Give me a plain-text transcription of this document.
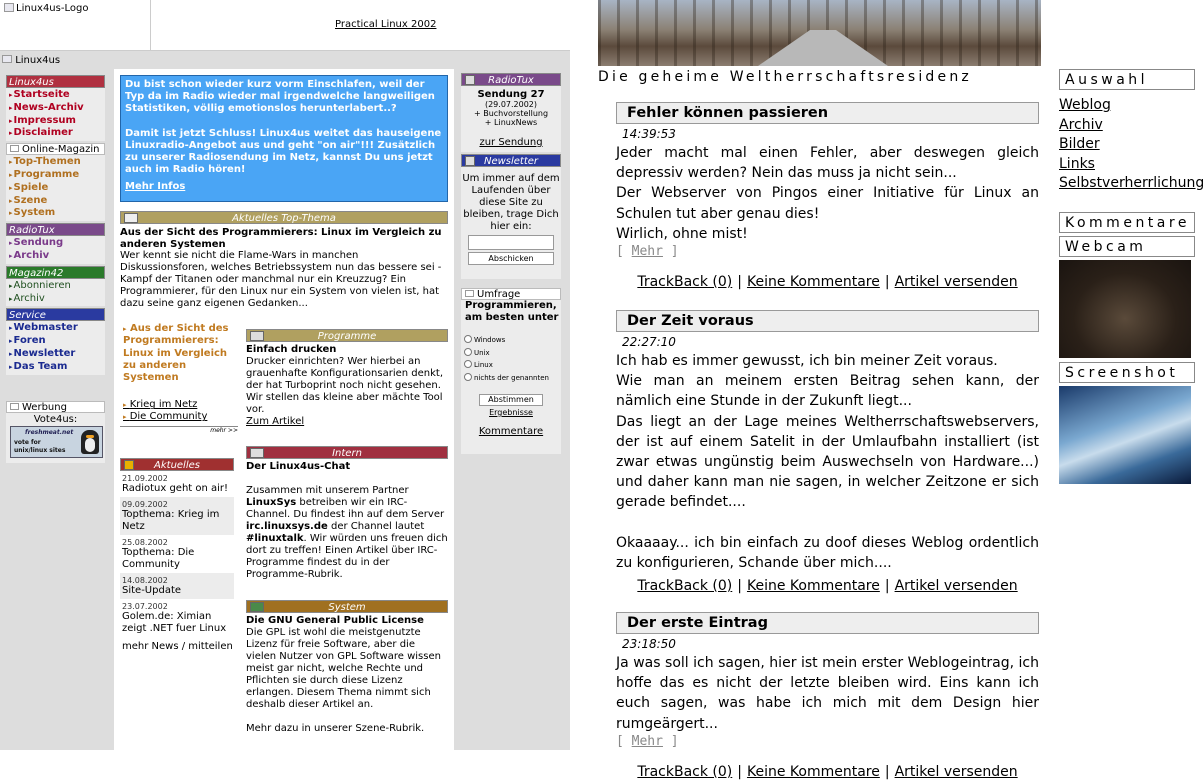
Linux4us-Logo
Practical Linux 2002
Linux4us
Linux4us
▸ Startseite
▸ News-Archiv
▸ Impressum
▸ Disclaimer
Online-Magazin
▸ Top-Themen
▸ Programme
▸ Spiele
▸ Szene
▸ System
RadioTux
▸ Sendung
▸ Archiv
Magazin42
▸ Abonnieren
▸ Archiv
Service
▸ Webmaster
▸ Foren
▸ Newsletter
▸ Das Team
Werbung
Vote4us:
freshmeat.net
vote for
unix/linux sites
Du bist schon wieder kurz vorm Einschlafen, weil der Typ da im Radio wieder mal irgendwelche langweiligen Statistiken, völlig emotionslos herunterlabert..?
Damit ist jetzt Schluss! Linux4us weitet das hauseigene Linuxradio-Angebot aus und geht "on air"!!! Zusätzlich zu unserer Radiosendung im Netz, kannst Du uns jetzt auch im Radio hören!
Mehr Infos
Aktuelles Top-Thema
Aus der Sicht des Programmierers: Linux im Vergleich zu anderen Systemen
Wer kennt sie nicht die Flame-Wars in manchen Diskussionsforen, welches Betriebssystem nun das bessere sei - Kampf der Titanen oder manchmal nur ein Kreuzzug? Ein Programmierer, für den Linux nur ein System von vielen ist, hat dazu seine ganz eigenen Gedanken...
▸ Aus der Sicht des Programmierers: Linux im Vergleich zu anderen Systemen
▸ Krieg im Netz
▸ Die Community
mehr >>
Aktuelles
21.09.2002
Radiotux geht on air!
09.09.2002
Topthema: Krieg im Netz
25.08.2002
Topthema: Die Community
14.08.2002
Site-Update
23.07.2002
Golem.de: Ximian zeigt .NET fuer Linux
mehr News / mitteilen
Programme
Einfach drucken
Drucker einrichten? Wer hierbei an grauenhafte Konfigurationsarien denkt, der hat Turboprint noch nicht gesehen. Wir stellen das kleine aber mächte Tool vor.
Zum Artikel
Intern
Der Linux4us-Chat
Zusammen mit unserem Partner LinuxSys betreiben wir ein IRC-Channel. Du findest ihn auf dem Server irc.linuxsys.de der Channel lautet #linuxtalk. Wir würden uns freuen dich dort zu treffen! Einen Artikel über IRC-Programme findest du in der Programme-Rubrik.
System
Die GNU General Public License
Die GPL ist wohl die meistgenutzte Lizenz für freie Software, aber die vielen Nutzer von GPL Software wissen meist gar nicht, welche Rechte und Pflichten sie durch diese Lizenz erlangen. Diesem Thema nimmt sich deshalb dieser Artikel an.
Mehr dazu in unserer Szene-Rubrik.
RadioTux
Sendung 27
(29.07.2002)
+ Buchvorstellung
+ LinuxNews
zur Sendung
Newsletter
Um immer auf dem Laufenden über diese Site zu bleiben, trage Dich hier ein:
Abschicken
Umfrage
Programmieren, am besten unter
Windows
Unix
Linux
nichts der genannten
Abstimmen
Ergebnisse
Kommentare
Die geheime Weltherrschaftsresidenz
Fehler können passieren
14:39:53
Jeder macht mal einen Fehler, aber deswegen gleich depressiv werden? Nein das muss ja nicht sein...
Der Webserver von Pingos einer Initiative für Linux an Schulen tut aber genau dies!
Wirlich, ohne mist!
[ Mehr ]
TrackBack (0) | Keine Kommentare | Artikel versenden
Der Zeit voraus
22:27:10
Ich hab es immer gewusst, ich bin meiner Zeit voraus.
Wie man an meinem ersten Beitrag sehen kann, der nämlich eine Stunde in der Zukunft liegt...
Das liegt an der Lage meines Weltherrschaftswebservers, der ist auf einem Satelit in der Umlaufbahn installiert (ist zwar etwas ungünstig beim Auswechseln von Hardware...) und daher kann man nie sagen, in welcher Zeitzone er sich gerade befindet....

Okaaaay... ich bin einfach zu doof dieses Weblog ordentlich zu konfigurieren, Schande über mich....
TrackBack (0) | Keine Kommentare | Artikel versenden
Der erste Eintrag
23:18:50
Ja was soll ich sagen, hier ist mein erster Weblogeintrag, ich hoffe das es nicht der letzte bleiben wird. Eins kann ich euch sagen, was habe ich mich mit dem Design hier rumgeärgert...
[ Mehr ]
TrackBack (0) | Keine Kommentare | Artikel versenden
Auswahl
Weblog
Archiv
Bilder
Links
Selbstverherrlichung
Kommentare
Webcam
Screenshot
